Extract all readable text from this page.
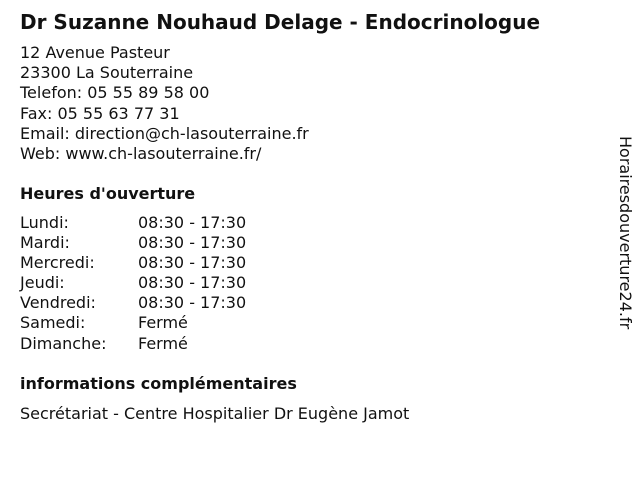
Dr Suzanne Nouhaud Delage - Endocrinologue
12 Avenue Pasteur
23300 La Souterraine
Telefon: 05 55 89 58 00
Fax: 05 55 63 77 31
Email: direction@ch-lasouterraine.fr
Web: www.ch-lasouterraine.fr/
Heures d'ouverture
Lundi:	08:30 - 17:30
Mardi:	08:30 - 17:30
Mercredi:	08:30 - 17:30
Jeudi:	08:30 - 17:30
Vendredi:	08:30 - 17:30
Samedi:	Fermé
Dimanche:	Fermé
informations complémentaires
Secrétariat - Centre Hospitalier Dr Eugène Jamot
Horairesdouverture24.fr
